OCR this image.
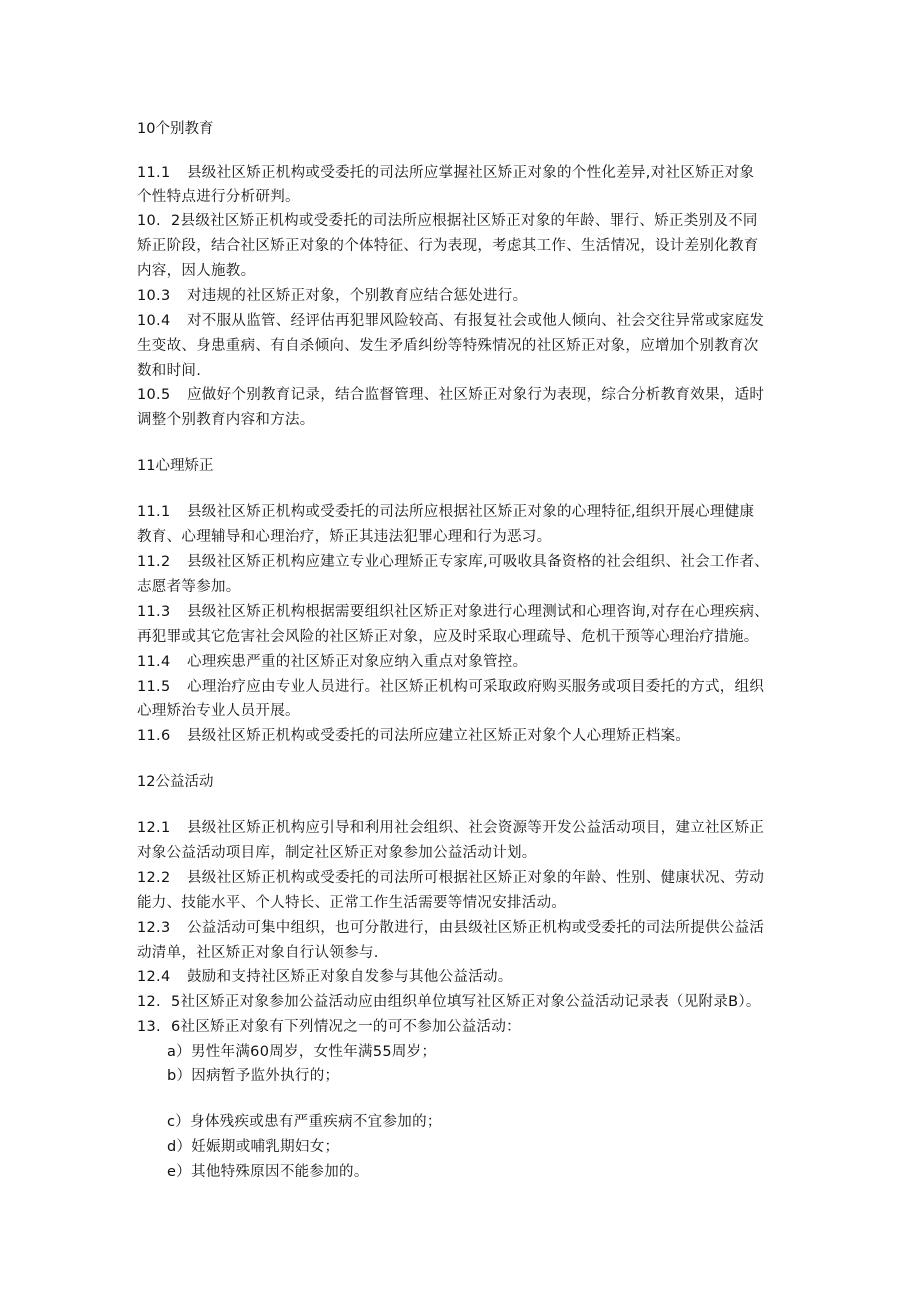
10个别教育
11.1 县级社区矫正机构或受委托的司法所应掌握社区矫正对象的个性化差异,对社区矫正对象
个性特点进行分析研判。
10. 2县级社区矫正机构或受委托的司法所应根据社区矫正对象的年龄、罪行、矫正类别及不同
矫正阶段，结合社区矫正对象的个体特征、行为表现，考虑其工作、生活情况，设计差别化教育
内容，因人施教。
10.3 对违规的社区矫正对象，个别教育应结合惩处进行。
10.4 对不服从监管、经评估再犯罪风险较高、有报复社会或他人倾向、社会交往异常或家庭发
生变故、身患重病、有自杀倾向、发生矛盾纠纷等特殊情况的社区矫正对象，应增加个别教育次
数和时间.
10.5 应做好个别教育记录，结合监督管理、社区矫正对象行为表现，综合分析教育效果，适时
调整个别教育内容和方法。
11心理矫正
11.1 县级社区矫正机构或受委托的司法所应根据社区矫正对象的心理特征,组织开展心理健康
教育、心理辅导和心理治疗，矫正其违法犯罪心理和行为恶习。
11.2 县级社区矫正机构应建立专业心理矫正专家库,可吸收具备资格的社会组织、社会工作者、
志愿者等参加。
11.3 县级社区矫正机构根据需要组织社区矫正对象进行心理测试和心理咨询,对存在心理疾病、
再犯罪或其它危害社会风险的社区矫正对象，应及时采取心理疏导、危机干预等心理治疗措施。
11.4 心理疾患严重的社区矫正对象应纳入重点对象管控。
11.5 心理治疗应由专业人员进行。社区矫正机构可采取政府购买服务或项目委托的方式，组织
心理矫治专业人员开展。
11.6 县级社区矫正机构或受委托的司法所应建立社区矫正对象个人心理矫正档案。
12公益活动
12.1 县级社区矫正机构应引导和利用社会组织、社会资源等开发公益活动项目，建立社区矫正
对象公益活动项目库，制定社区矫正对象参加公益活动计划。
12.2 县级社区矫正机构或受委托的司法所可根据社区矫正对象的年龄、性别、健康状况、劳动
能力、技能水平、个人特长、正常工作生活需要等情况安排活动。
12.3 公益活动可集中组织，也可分散进行，由县级社区矫正机构或受委托的司法所提供公益活
动清单，社区矫正对象自行认领参与.
12.4 鼓励和支持社区矫正对象自发参与其他公益活动。
12. 5社区矫正对象参加公益活动应由组织单位填写社区矫正对象公益活动记录表（见附录B）。
13. 6社区矫正对象有下列情况之一的可不参加公益活动：
a）男性年满60周岁，女性年满55周岁；
b）因病暂予监外执行的；
c）身体残疾或患有严重疾病不宜参加的；
d）妊娠期或哺乳期妇女；
e）其他特殊原因不能参加的。
